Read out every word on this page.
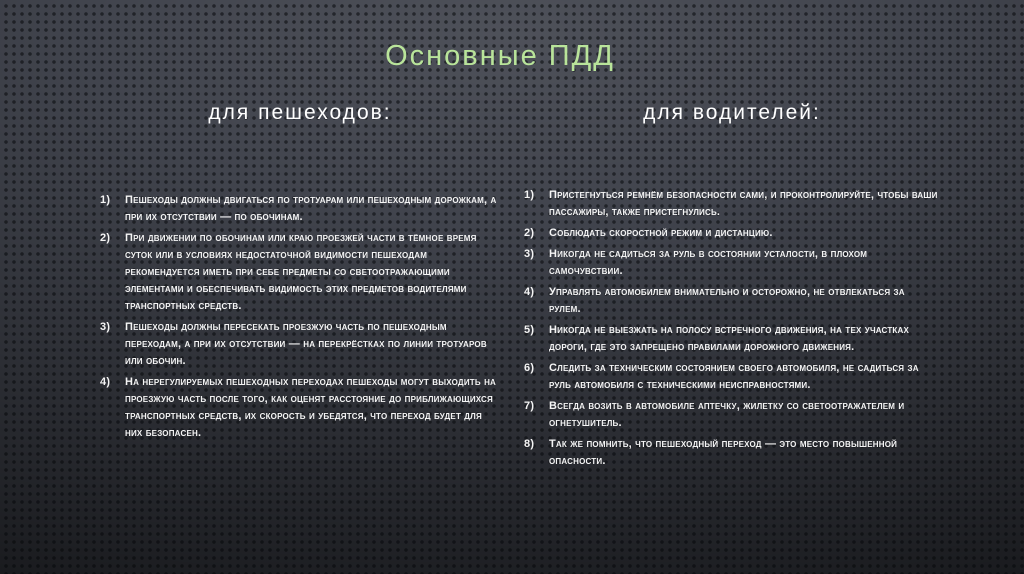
Основные ПДД
для пешеходов:	для водителей:
1)	Пешеходы должны двигаться по тротуарам или пешеходным дорожкам, а при их отсутствии — по обочинам.
2)	При движении по обочинам или краю проезжей части в тёмное время суток или в условиях недостаточной видимости пешеходам рекомендуется иметь при себе предметы со светоотражающими элементами и обеспечивать видимость этих предметов водителями транспортных средств.
3)	Пешеходы должны пересекать проезжую часть по пешеходным переходам, а при их отсутствии — на перекрёстках по линии тротуаров или обочин.
4)	На нерегулируемых пешеходных переходах пешеходы могут выходить на проезжую часть после того, как оценят расстояние до приближающихся транспортных средств, их скорость и убедятся, что переход будет для них безопасен.
1)	Пристегнуться ремнём безопасности сами, и проконтролируйте, чтобы ваши пассажиры, также пристегнулись.
2)	Соблюдать скоростной режим и дистанцию.
3)	Никогда не садиться за руль в состоянии усталости, в плохом самочувствии.
4)	Управлять автомобилем внимательно и осторожно, не отвлекаться за рулем.
5)	Никогда не выезжать на полосу встречного движения, на тех участках дороги, где это запрещено правилами дорожного движения.
6)	Следить за техническим состоянием своего автомобиля, не садиться за руль автомобиля с техническими неисправностями.
7)	Всегда возить в автомобиле аптечку, жилетку со светоотражателем и огнетушитель.
8)	Так же помнить, что пешеходный переход — это место повышенной опасности.
